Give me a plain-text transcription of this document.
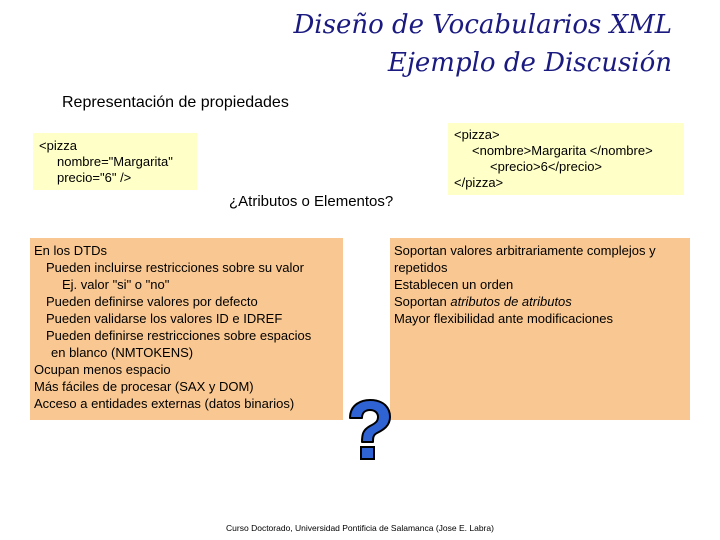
Diseño de Vocabularios XML
Ejemplo de Discusión
Representación de propiedades
<pizza
nombre="Margarita"
precio="6" />
<pizza>
<nombre>Margarita </nombre>
<precio>6</precio>
</pizza>
¿Atributos o Elementos?
En los DTDs
Pueden incluirse restricciones sobre su valor
Ej. valor "si" o "no"
Pueden definirse valores por defecto
Pueden validarse los valores ID e IDREF
Pueden definirse restricciones sobre espacios
en blanco (NMTOKENS)
Ocupan menos espacio
Más fáciles de procesar (SAX y DOM)
Acceso a entidades externas (datos binarios)
Soportan valores arbitrariamente complejos y
repetidos
Establecen un orden
Soportan atributos de atributos
Mayor flexibilidad ante modificaciones
Curso Doctorado, Universidad Pontificia de Salamanca (Jose E. Labra)
